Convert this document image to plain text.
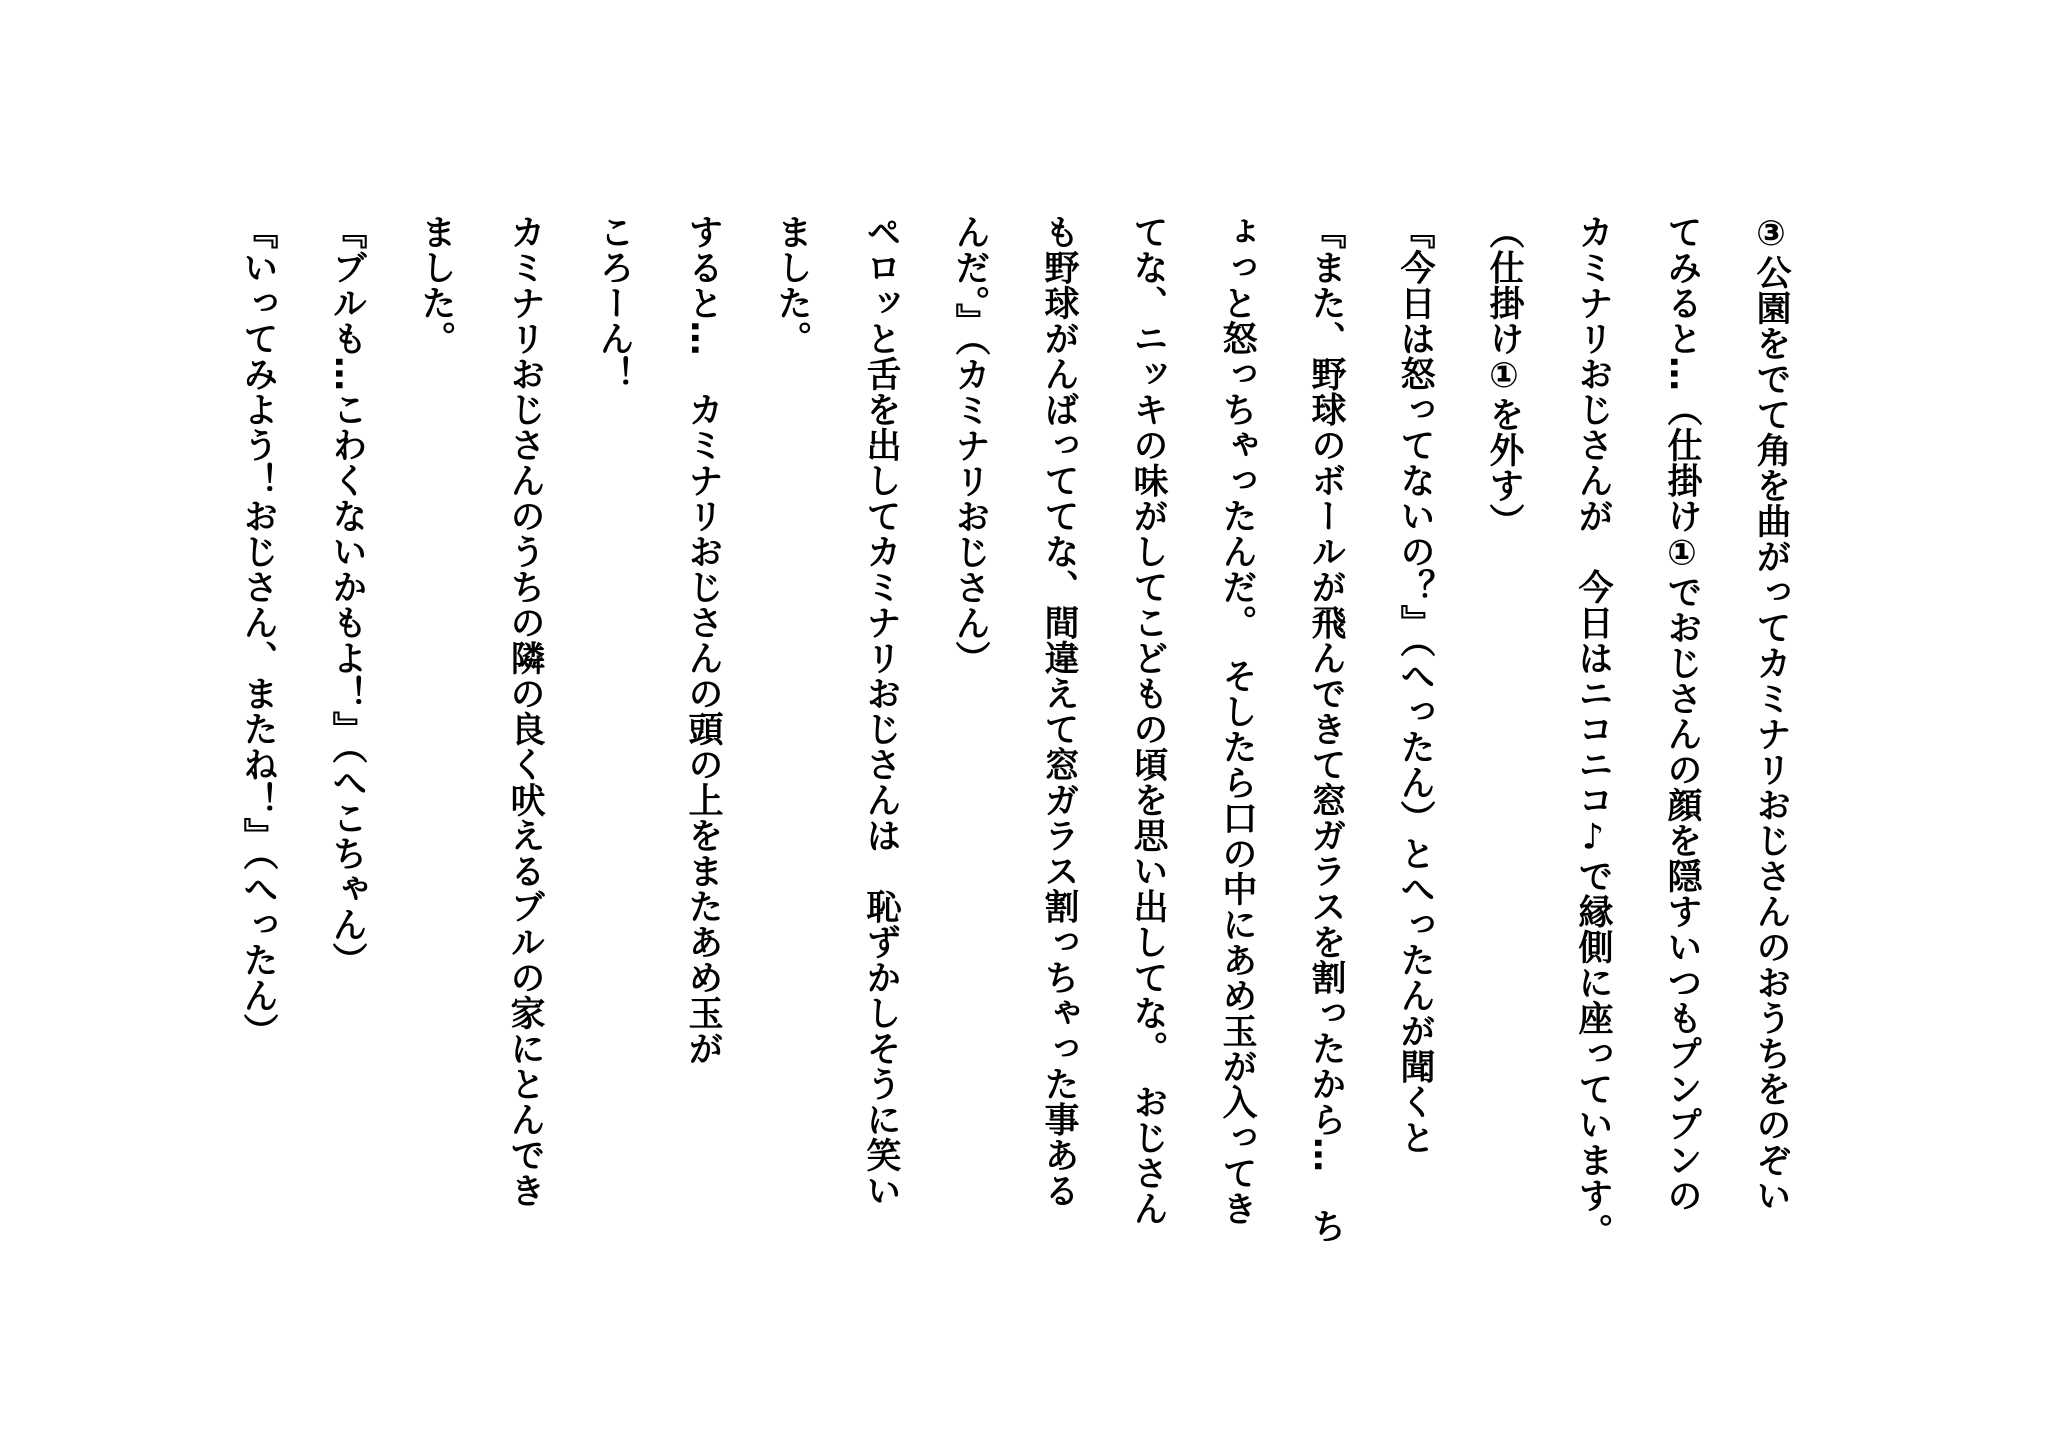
③公園をでて角を曲がってカミナリおじさんのおうちをのぞい
てみると…（仕掛け①でおじさんの顔を隠すいつもプンプンの
カミナリおじさんが　今日はニコニコ♪で縁側に座っています。
（仕掛け①を外す）
『今日は怒ってないの？』（へったん）とへったんが聞くと
『また、野球のボールが飛んできて窓ガラスを割ったから…　ち
ょっと怒っちゃったんだ。　そしたら口の中にあめ玉が入ってき
てな、ニッキの味がしてこどもの頃を思い出してな。　おじさん
も野球がんばっててな、間違えて窓ガラス割っちゃった事ある
んだ。』（カミナリおじさん）
ペロッと舌を出してカミナリおじさんは　恥ずかしそうに笑い
ました。
すると…　カミナリおじさんの頭の上をまたあめ玉が
ころーん！
カミナリおじさんのうちの隣の良く吠えるブルの家にとんでき
ました。
『ブルも…こわくないかもよ！』（へこちゃん）
『いってみよう！おじさん、またね！』（へったん）
